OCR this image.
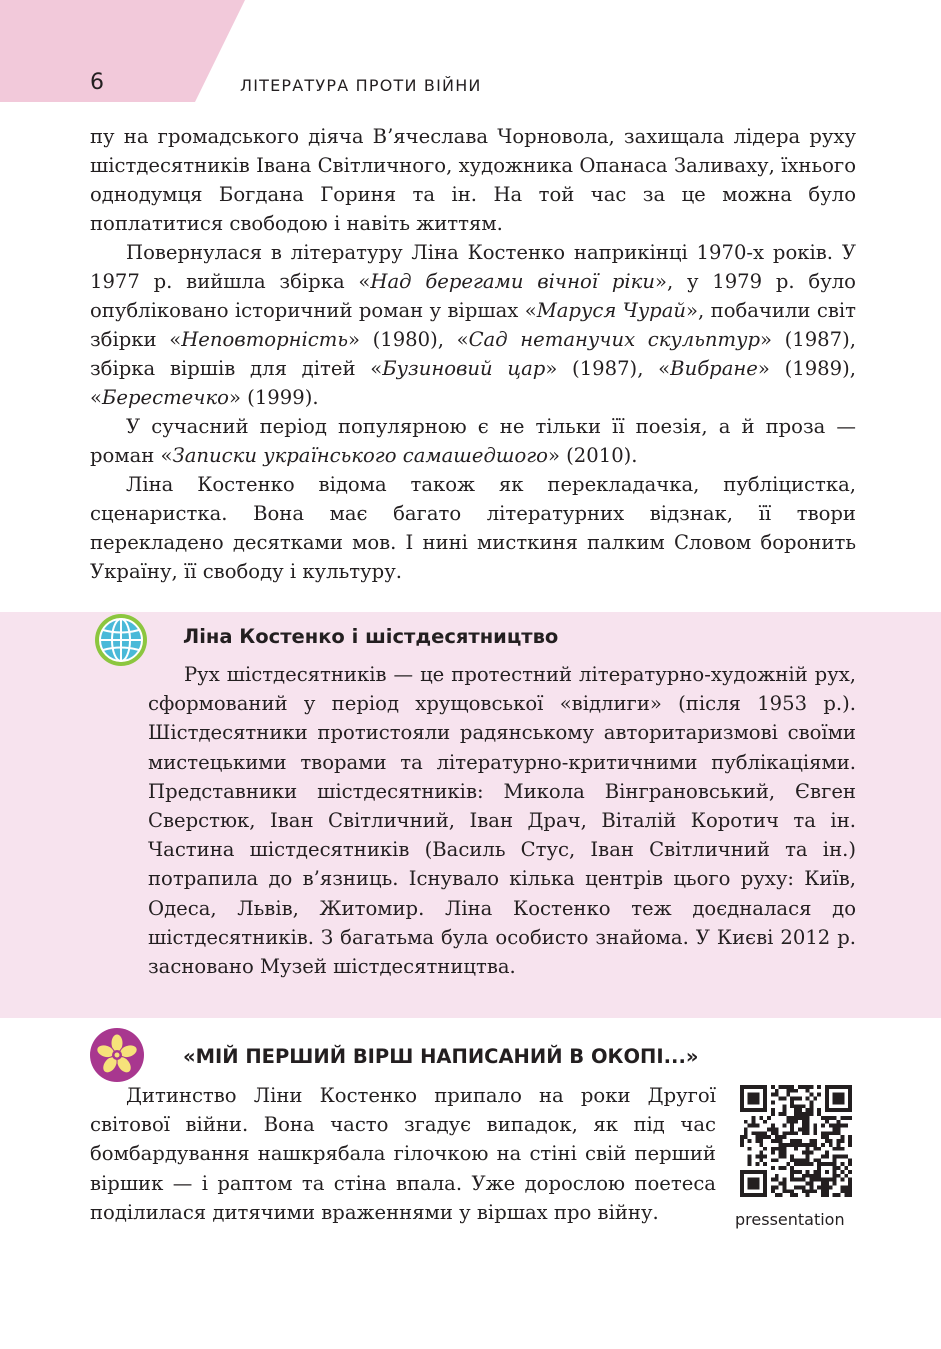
6	ЛІТЕРАТУРА ПРОТИ ВІЙНИ

пу на громадського діяча В’ячеслава Чорновола, захищала лідера руху шістдесятників Івана Світличного, художника Опанаса Заливаху, їхнього однодумця Богдана Гориня та ін. На той час за це можна було поплатитися свободою і навіть життям.

Повернулася в літературу Ліна Костенко наприкінці 1970-х років. У 1977 р. вийшла збірка «Над берегами вічної ріки», у 1979 р. було опубліковано історичний роман у віршах «Маруся Чурай», побачили світ збірки «Неповторність» (1980), «Сад нетанучих скульптур» (1987), збірка віршів для дітей «Бузиновий цар» (1987), «Вибране» (1989), «Берестечко» (1999).

У сучасний період популярною є не тільки її поезія, а й проза — роман «Записки українського самашедшого» (2010).

Ліна Костенко відома також як перекладачка, публіцистка, сценаристка. Вона має багато літературних відзнак, її твори перекладено десятками мов. І нині мисткиня палким Словом боронить Україну, її свободу і культуру.

Ліна Костенко і шістдесятництво

Рух шістдесятників — це протестний літературно-художній рух, сформований у період хрущовської «відлиги» (після 1953 р.). Шістдесятники протистояли радянському авторитаризмові своїми мистецькими творами та літературно-критичними публікаціями. Представники шістдесятників: Микола Вінграновський, Євген Сверстюк, Іван Світличний, Іван Драч, Віталій Коротич та ін. Частина шістдесятників (Василь Стус, Іван Світличний та ін.) потрапила до в’язниць. Існувало кілька центрів цього руху: Київ, Одеса, Львів, Житомир. Ліна Костенко теж доєдналася до шістдесятників. З багатьма була особисто знайома. У Києві 2012 р. засновано Музей шістдесятництва.

«МІЙ ПЕРШИЙ ВІРШ НАПИСАНИЙ В ОКОПІ...»

Дитинство Ліни Костенко припало на роки Другої світової війни. Вона часто згадує випадок, як під час бомбардування нашкрябала гілочкою на стіні свій перший віршик — і раптом та стіна впала. Уже дорослою поетеса поділилася дитячими враженнями у віршах про війну.	pressentation
